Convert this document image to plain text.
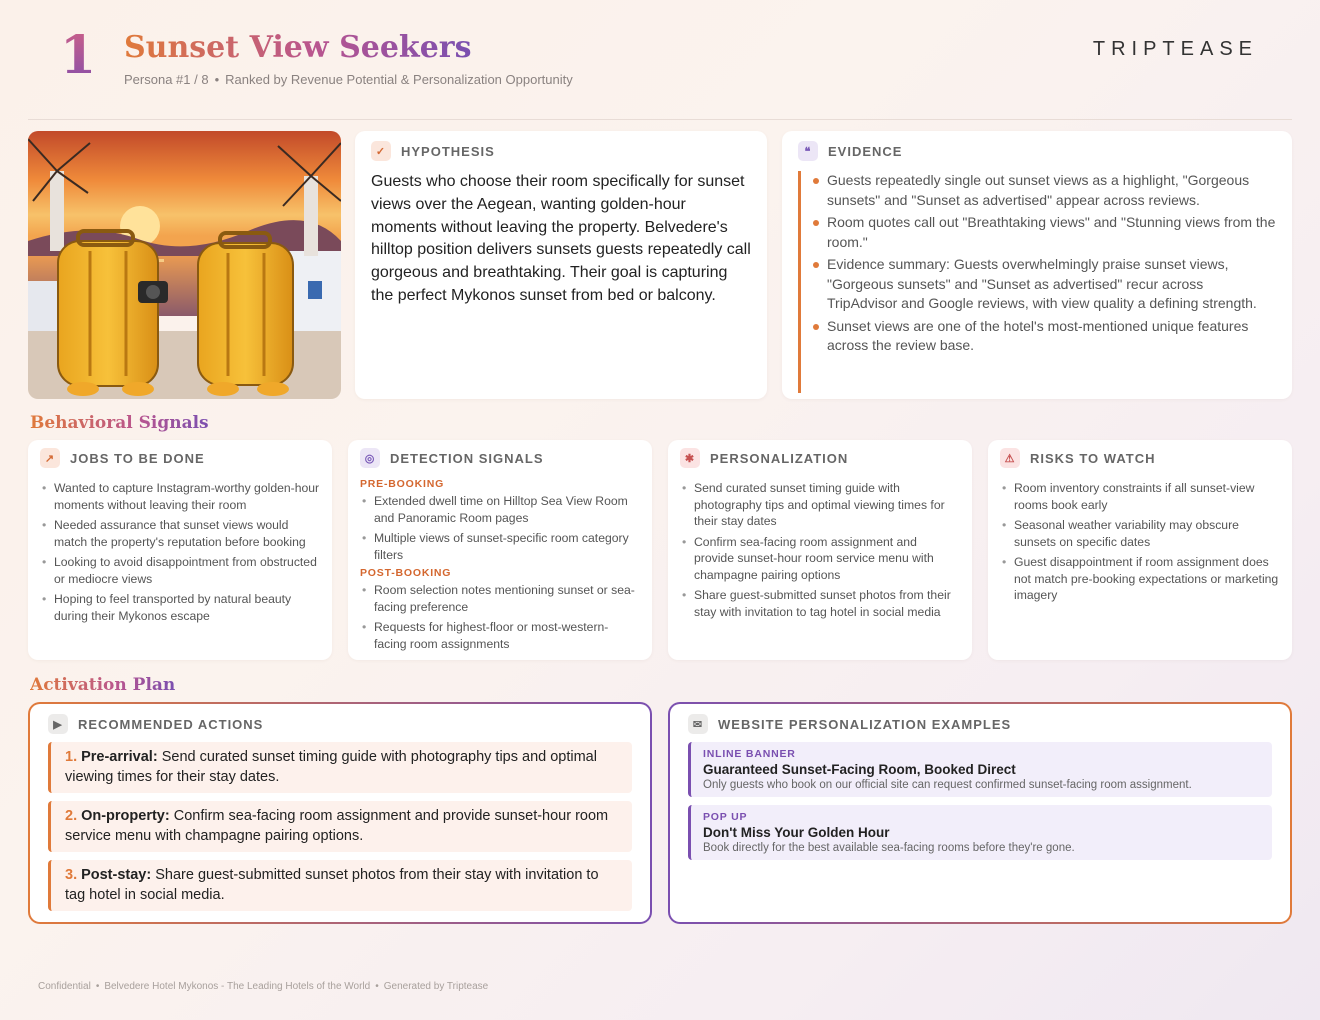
1 Sunset View Seekers
Persona #1 / 8 • Ranked by Revenue Potential & Personalization Opportunity
TRIPTEASE
✓	HYPOTHESIS
Guests who choose their room specifically for sunset views over the Aegean, wanting golden-hour moments without leaving the property. Belvedere's hilltop position delivers sunsets guests repeatedly call gorgeous and breathtaking. Their goal is capturing the perfect Mykonos sunset from bed or balcony.
❝	EVIDENCE
Guests repeatedly single out sunset views as a highlight, "Gorgeous sunsets" and "Sunset as advertised" appear across reviews.
Room quotes call out "Breathtaking views" and "Stunning views from the room."
Evidence summary: Guests overwhelmingly praise sunset views, "Gorgeous sunsets" and "Sunset as advertised" recur across TripAdvisor and Google reviews, with view quality a defining strength.
Sunset views are one of the hotel's most-mentioned unique features across the review base.
Behavioral Signals
↗	JOBS TO BE DONE
• Wanted to capture Instagram-worthy golden-hour moments without leaving their room
• Needed assurance that sunset views would match the property's reputation before booking
• Looking to avoid disappointment from obstructed or mediocre views
• Hoping to feel transported by natural beauty during their Mykonos escape
◎	DETECTION SIGNALS
PRE-BOOKING
• Extended dwell time on Hilltop Sea View Room and Panoramic Room pages
• Multiple views of sunset-specific room category filters
POST-BOOKING
• Room selection notes mentioning sunset or sea-facing preference
• Requests for highest-floor or most-western-facing room assignments
✱	PERSONALIZATION
• Send curated sunset timing guide with photography tips and optimal viewing times for their stay dates
• Confirm sea-facing room assignment and provide sunset-hour room service menu with champagne pairing options
• Share guest-submitted sunset photos from their stay with invitation to tag hotel in social media
⚠	RISKS TO WATCH
• Room inventory constraints if all sunset-view rooms book early
• Seasonal weather variability may obscure sunsets on specific dates
• Guest disappointment if room assignment does not match pre-booking expectations or marketing imagery
Activation Plan
▶	RECOMMENDED ACTIONS
1. Pre-arrival: Send curated sunset timing guide with photography tips and optimal viewing times for their stay dates.
2. On-property: Confirm sea-facing room assignment and provide sunset-hour room service menu with champagne pairing options.
3. Post-stay: Share guest-submitted sunset photos from their stay with invitation to tag hotel in social media.
✉	WEBSITE PERSONALIZATION EXAMPLES
INLINE BANNER
Guaranteed Sunset-Facing Room, Booked Direct
Only guests who book on our official site can request confirmed sunset-facing room assignment.
POP UP
Don't Miss Your Golden Hour
Book directly for the best available sea-facing rooms before they're gone.
Confidential • Belvedere Hotel Mykonos - The Leading Hotels of the World • Generated by Triptease
